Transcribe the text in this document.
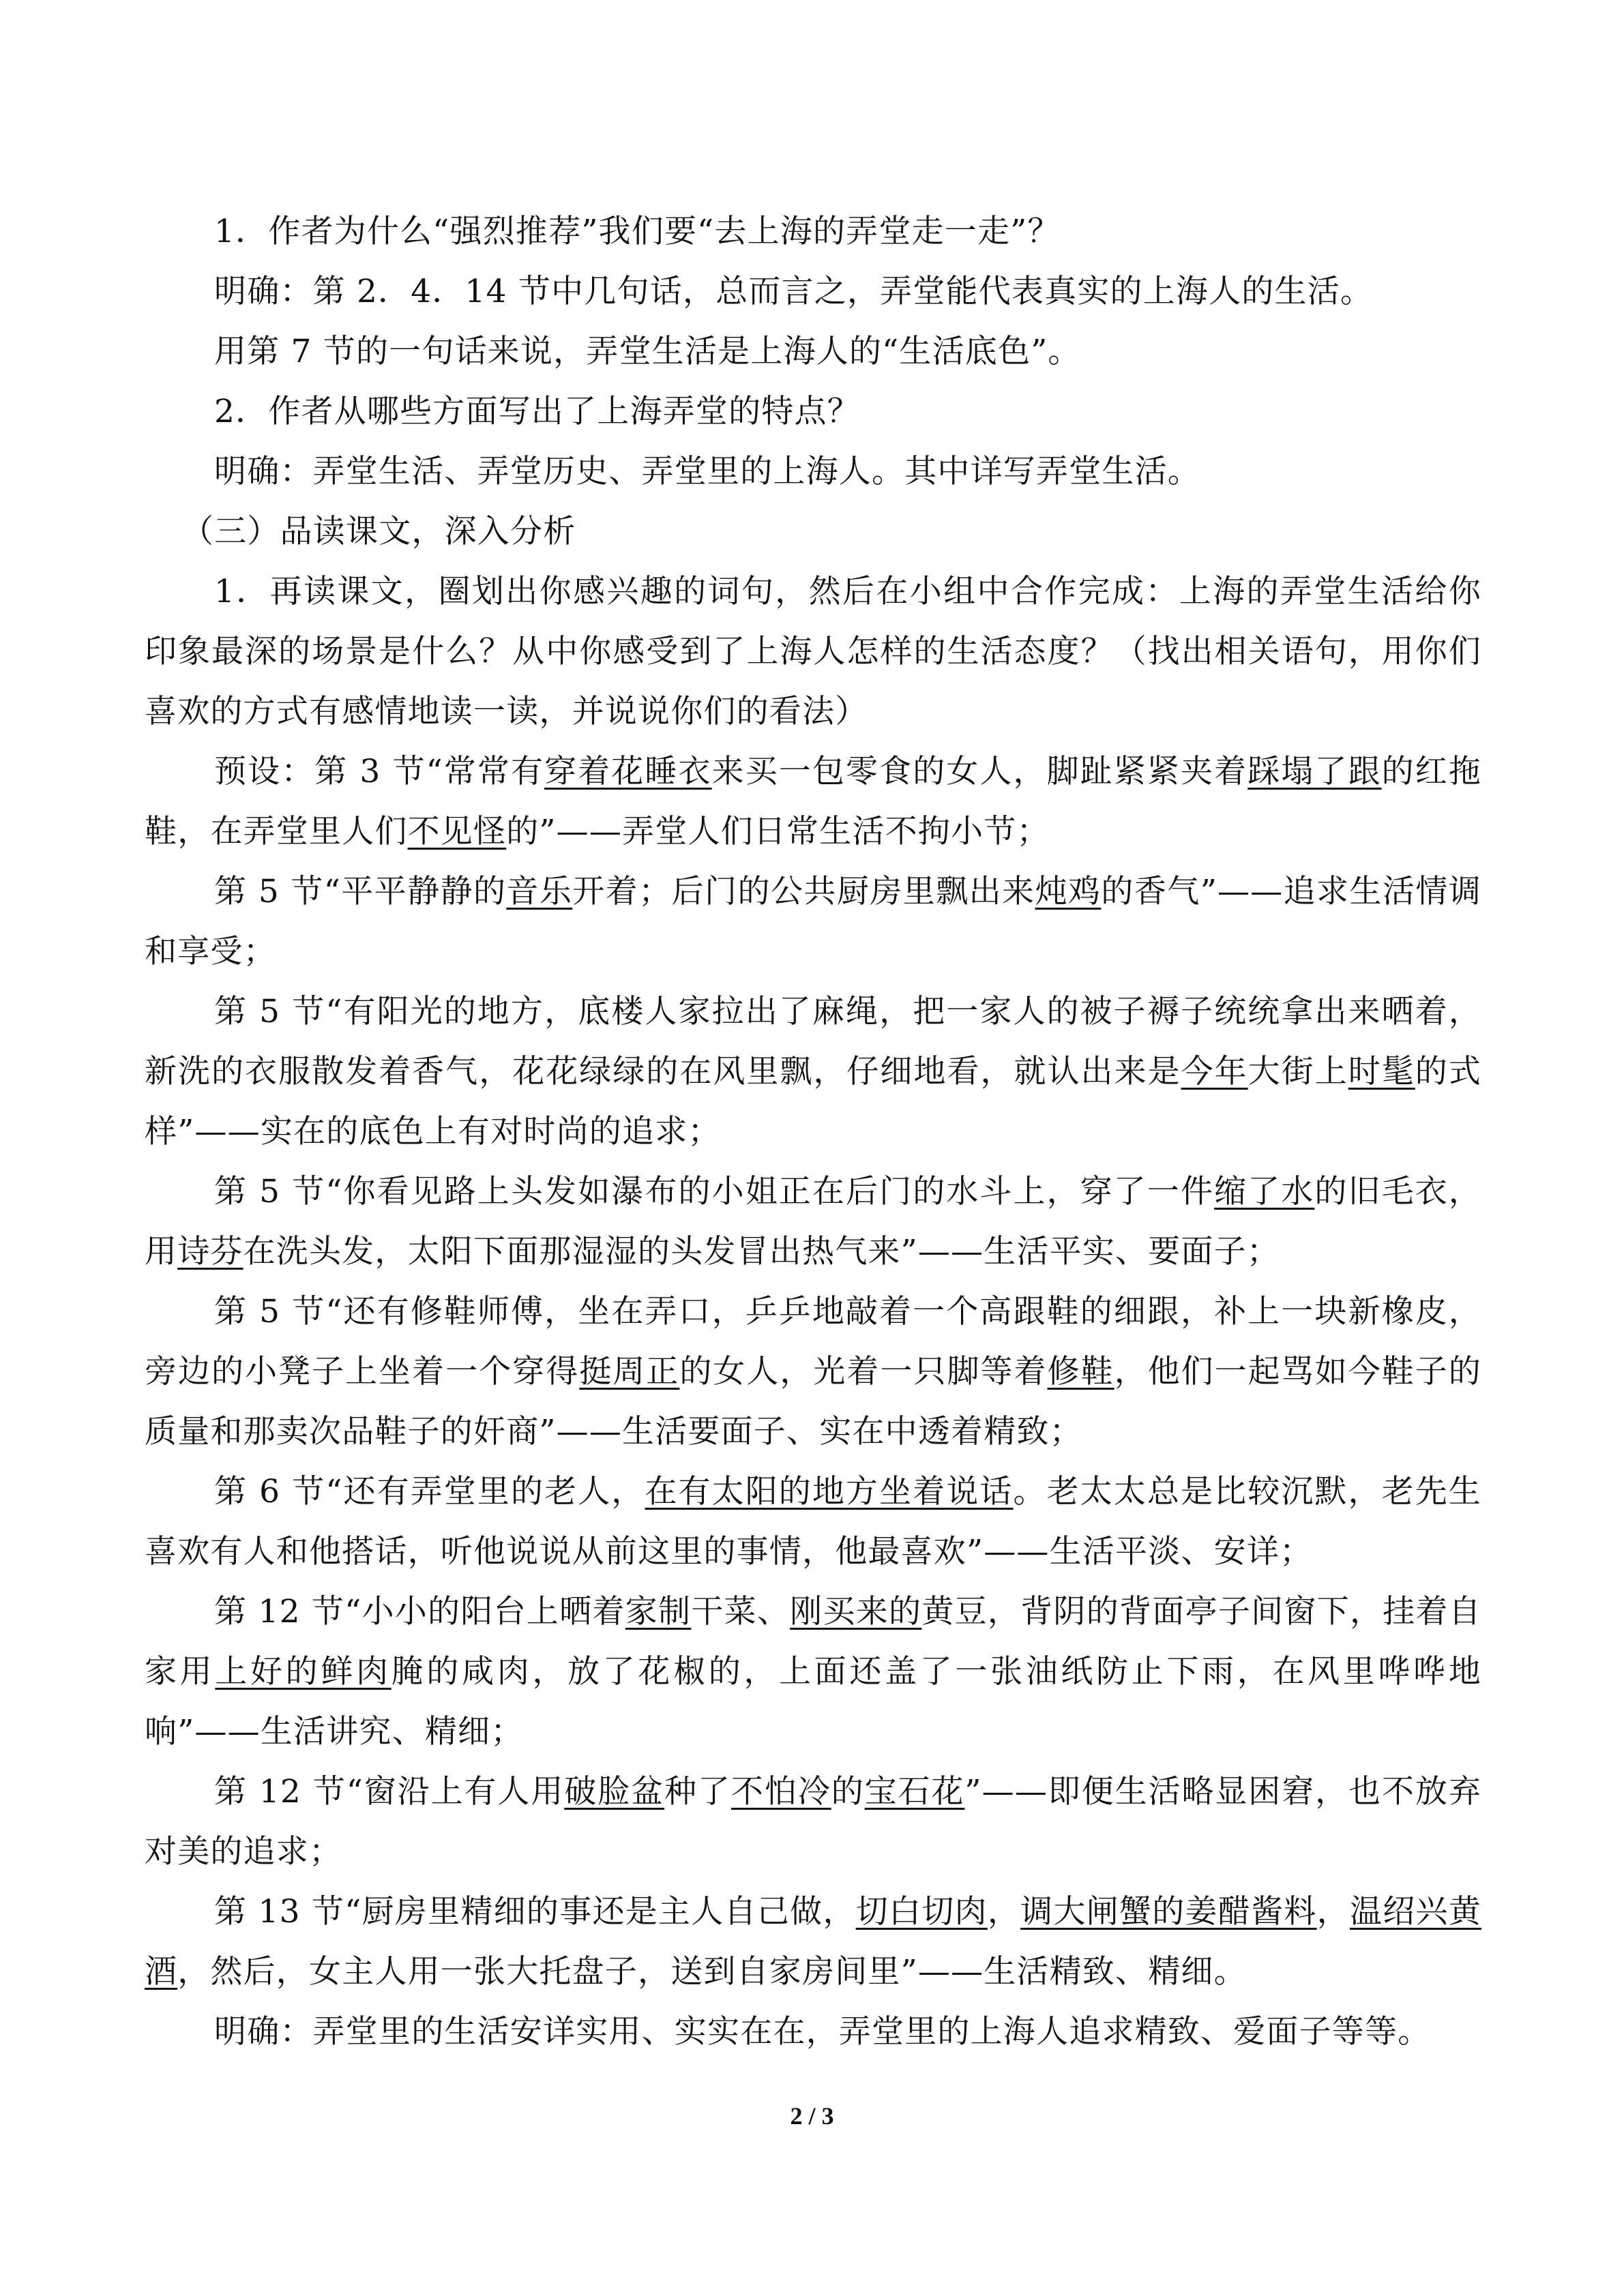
1．作者为什么“强烈推荐”我们要“去上海的弄堂走一走”？

明确：第 2．4．14 节中几句话，总而言之，弄堂能代表真实的上海人的生活。

用第 7 节的一句话来说，弄堂生活是上海人的“生活底色”。

2．作者从哪些方面写出了上海弄堂的特点？

明确：弄堂生活、弄堂历史、弄堂里的上海人。其中详写弄堂生活。

（三）品读课文，深入分析

1．再读课文，圈划出你感兴趣的词句，然后在小组中合作完成：上海的弄堂生活给你印象最深的场景是什么？从中你感受到了上海人怎样的生活态度？（找出相关语句，用你们喜欢的方式有感情地读一读，并说说你们的看法）

预设：第 3 节“常常有穿着花睡衣来买一包零食的女人，脚趾紧紧夹着踩塌了跟的红拖鞋，在弄堂里人们不见怪的”——弄堂人们日常生活不拘小节；

第 5 节“平平静静的音乐开着；后门的公共厨房里飘出来炖鸡的香气”——追求生活情调和享受；

第 5 节“有阳光的地方，底楼人家拉出了麻绳，把一家人的被子褥子统统拿出来晒着，新洗的衣服散发着香气，花花绿绿的在风里飘，仔细地看，就认出来是今年大街上时髦的式样”——实在的底色上有对时尚的追求；

第 5 节“你看见路上头发如瀑布的小姐正在后门的水斗上，穿了一件缩了水的旧毛衣，用诗芬在洗头发，太阳下面那湿湿的头发冒出热气来”——生活平实、要面子；

第 5 节“还有修鞋师傅，坐在弄口，乒乒地敲着一个高跟鞋的细跟，补上一块新橡皮，旁边的小凳子上坐着一个穿得挺周正的女人，光着一只脚等着修鞋，他们一起骂如今鞋子的质量和那卖次品鞋子的奸商”——生活要面子、实在中透着精致；

第 6 节“还有弄堂里的老人，在有太阳的地方坐着说话。老太太总是比较沉默，老先生喜欢有人和他搭话，听他说说从前这里的事情，他最喜欢”——生活平淡、安详；

第 12 节“小小的阳台上晒着家制干菜、刚买来的黄豆，背阴的背面亭子间窗下，挂着自家用上好的鲜肉腌的咸肉，放了花椒的，上面还盖了一张油纸防止下雨，在风里哗哗地响”——生活讲究、精细；

第 12 节“窗沿上有人用破脸盆种了不怕冷的宝石花”——即便生活略显困窘，也不放弃对美的追求；

第 13 节“厨房里精细的事还是主人自己做，切白切肉，调大闸蟹的姜醋酱料，温绍兴黄酒，然后，女主人用一张大托盘子，送到自家房间里”——生活精致、精细。

明确：弄堂里的生活安详实用、实实在在，弄堂里的上海人追求精致、爱面子等等。

2 / 3
